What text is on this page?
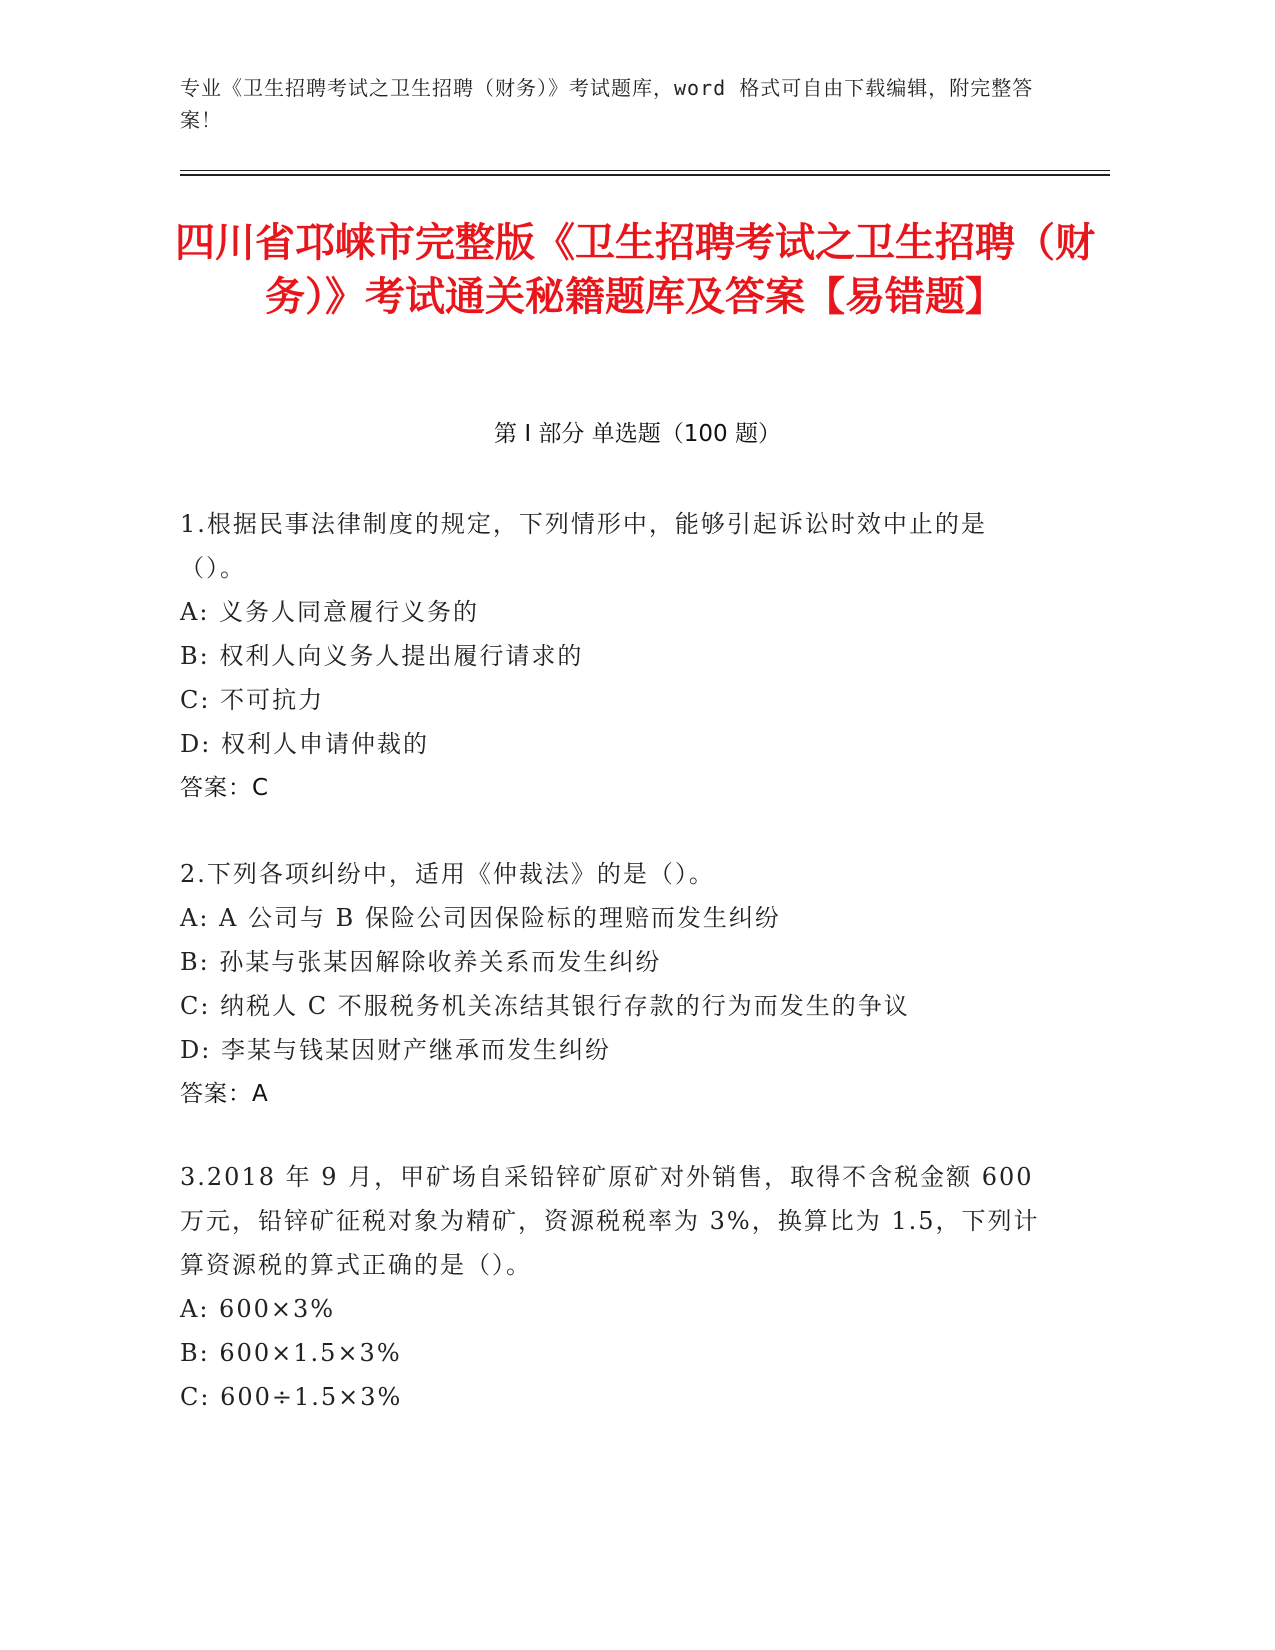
专业《卫生招聘考试之卫生招聘（财务）》考试题库，word 格式可自由下载编辑，附完整答案！
四川省邛崃市完整版《卫生招聘考试之卫生招聘（财务）》考试通关秘籍题库及答案【易错题】
第 I 部分 单选题（100 题）

1.根据民事法律制度的规定，下列情形中，能够引起诉讼时效中止的是（）。

A: 义务人同意履行义务的

B: 权利人向义务人提出履行请求的

C: 不可抗力

D: 权利人申请仲裁的

答案：C

2.下列各项纠纷中，适用《仲裁法》的是（）。

A: A 公司与 B 保险公司因保险标的理赔而发生纠纷

B: 孙某与张某因解除收养关系而发生纠纷

C: 纳税人 C 不服税务机关冻结其银行存款的行为而发生的争议

D: 李某与钱某因财产继承而发生纠纷

答案：A

3.2018 年 9 月，甲矿场自采铅锌矿原矿对外销售，取得不含税金额 600 万元，铅锌矿征税对象为精矿，资源税税率为 3%，换算比为 1.5，下列计算资源税的算式正确的是（）。

A: 600×3%

B: 600×1.5×3%

C: 600÷1.5×3%
